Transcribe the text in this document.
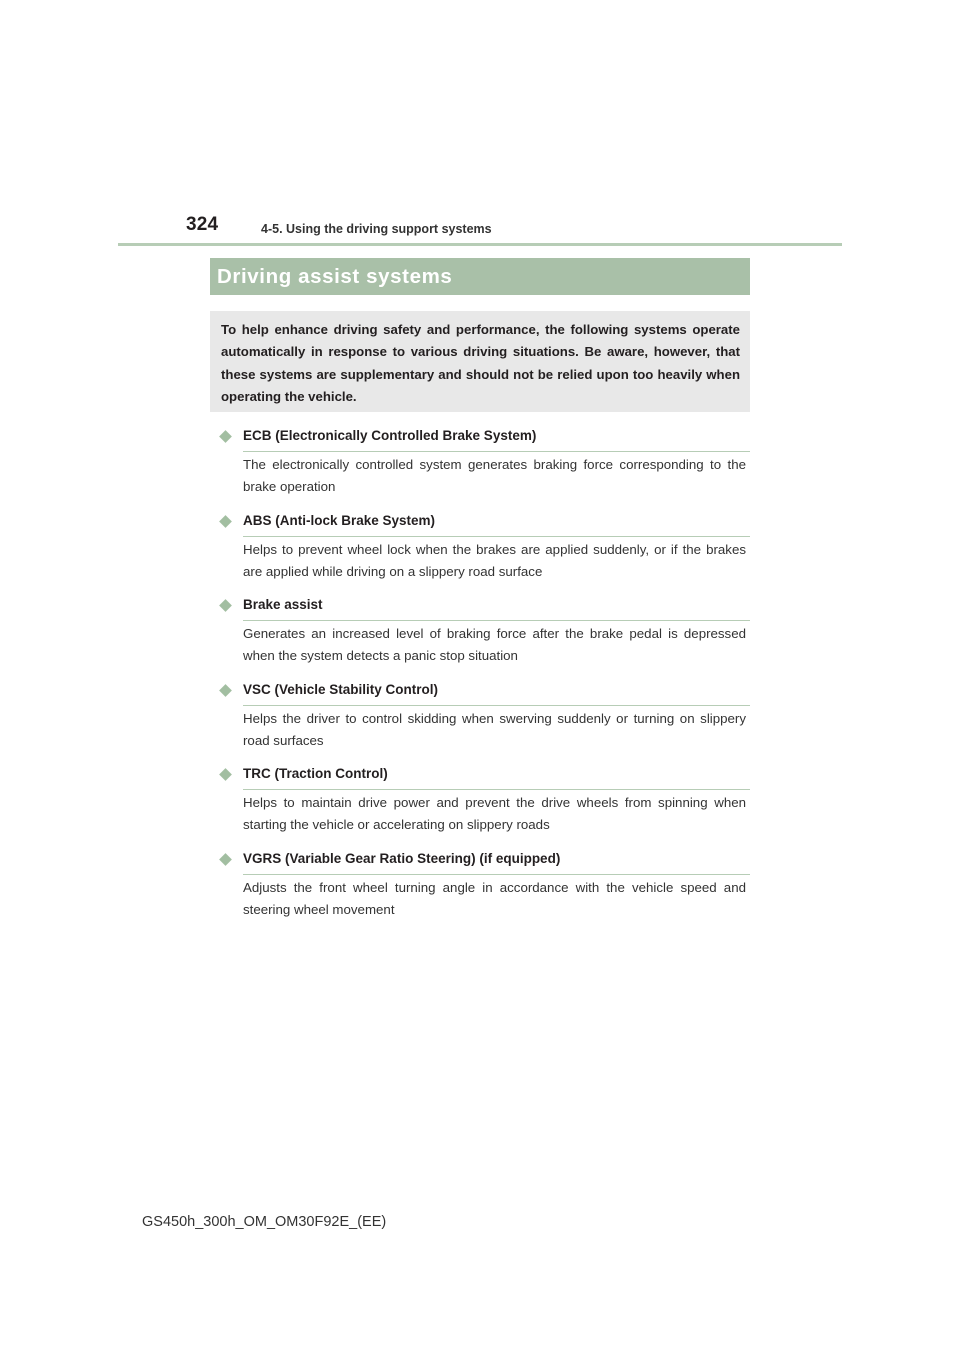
324	4-5. Using the driving support systems
Driving assist systems
To help enhance driving safety and performance, the following systems operate automatically in response to various driving situations. Be aware, however, that these systems are supplementary and should not be relied upon too heavily when operating the vehicle.
ECB (Electronically Controlled Brake System)
The electronically controlled system generates braking force corresponding to the brake operation
ABS (Anti-lock Brake System)
Helps to prevent wheel lock when the brakes are applied suddenly, or if the brakes are applied while driving on a slippery road surface
Brake assist
Generates an increased level of braking force after the brake pedal is depressed when the system detects a panic stop situation
VSC (Vehicle Stability Control)
Helps the driver to control skidding when swerving suddenly or turning on slippery road surfaces
TRC (Traction Control)
Helps to maintain drive power and prevent the drive wheels from spinning when starting the vehicle or accelerating on slippery roads
VGRS (Variable Gear Ratio Steering) (if equipped)
Adjusts the front wheel turning angle in accordance with the vehicle speed and steering wheel movement
GS450h_300h_OM_OM30F92E_(EE)
